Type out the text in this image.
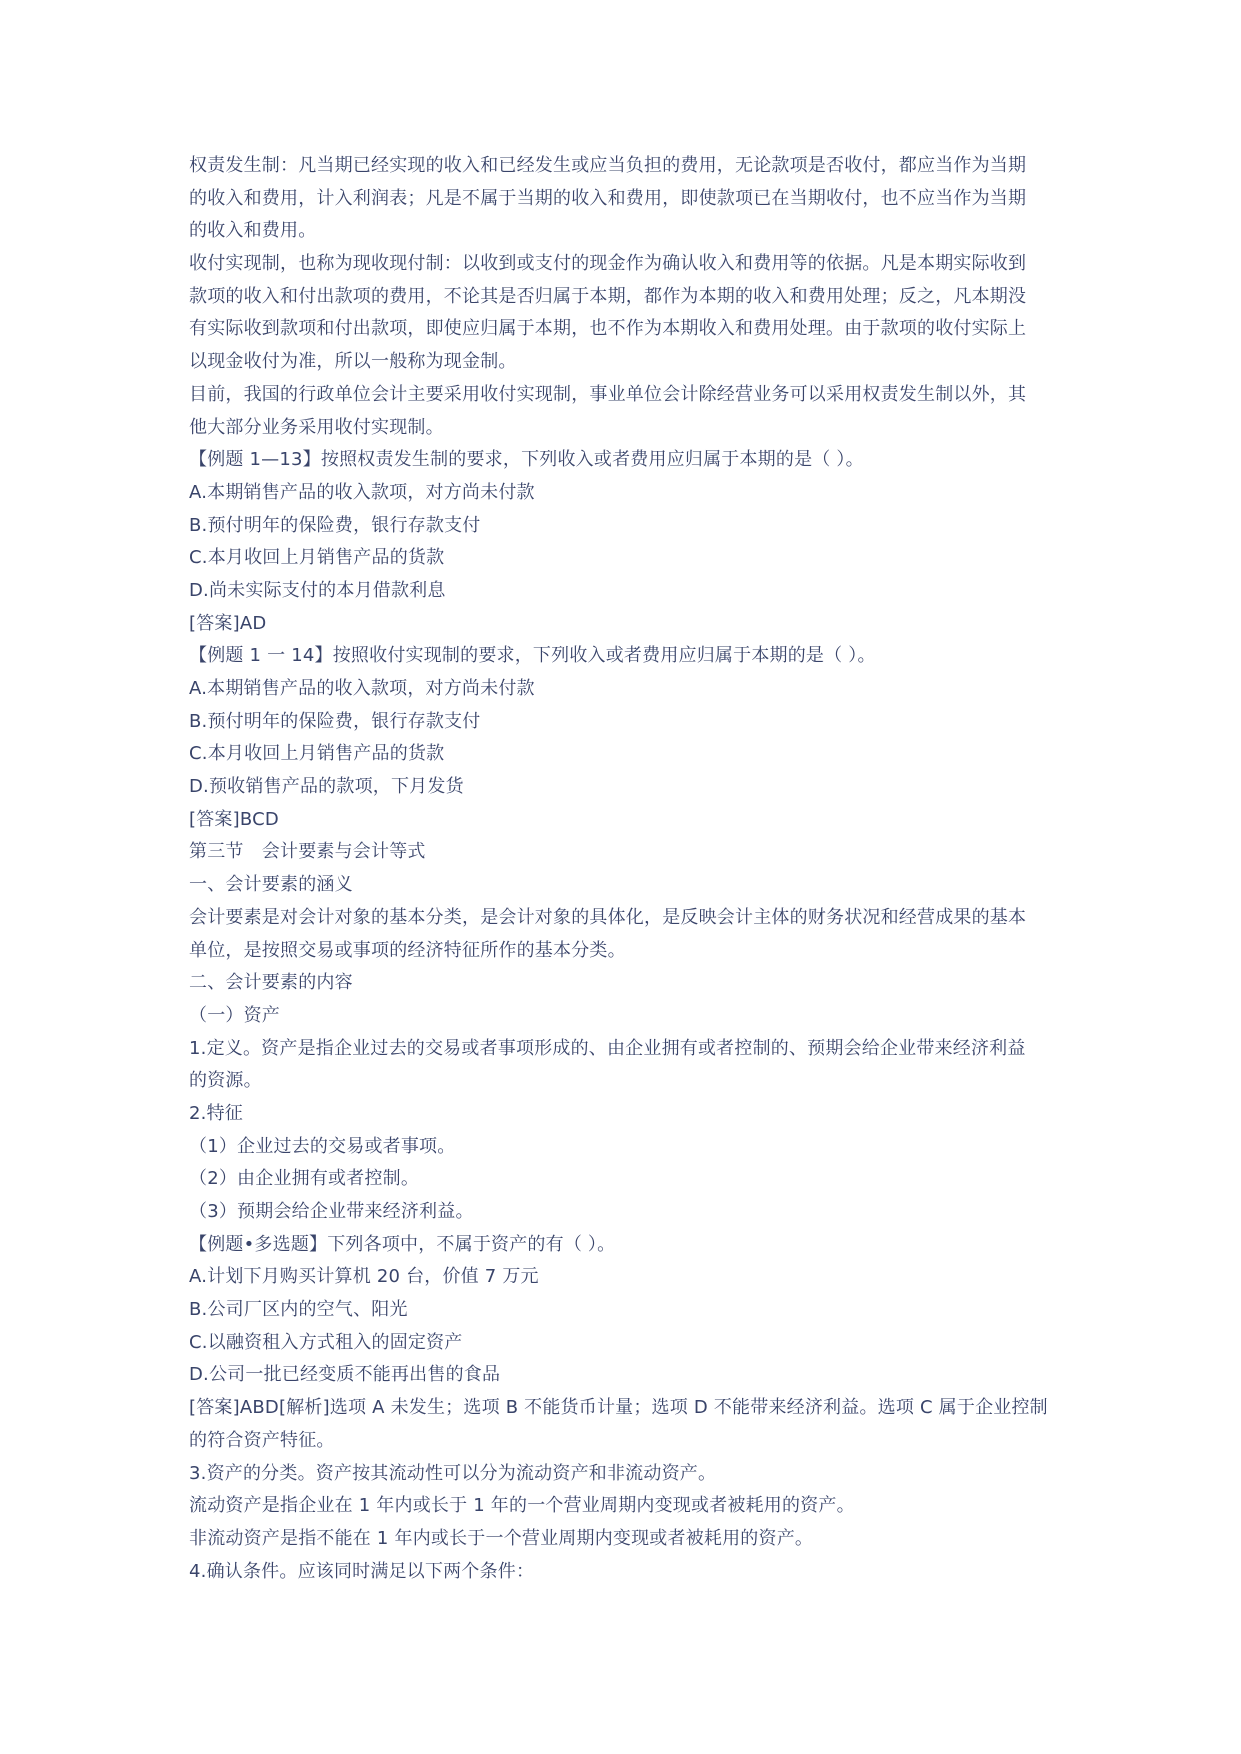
权责发生制：凡当期已经实现的收入和已经发生或应当负担的费用，无论款项是否收付，都应当作为当期
的收入和费用，计入利润表；凡是不属于当期的收入和费用，即使款项已在当期收付，也不应当作为当期
的收入和费用。
收付实现制，也称为现收现付制：以收到或支付的现金作为确认收入和费用等的依据。凡是本期实际收到
款项的收入和付出款项的费用，不论其是否归属于本期，都作为本期的收入和费用处理；反之，凡本期没
有实际收到款项和付出款项，即使应归属于本期，也不作为本期收入和费用处理。由于款项的收付实际上
以现金收付为准，所以一般称为现金制。
目前，我国的行政单位会计主要采用收付实现制，事业单位会计除经营业务可以采用权责发生制以外，其
他大部分业务采用收付实现制。
【例题 1—13】按照权责发生制的要求，下列收入或者费用应归属于本期的是（ ）。
A.本期销售产品的收入款项，对方尚未付款
B.预付明年的保险费，银行存款支付
C.本月收回上月销售产品的货款
D.尚未实际支付的本月借款利息
[答案]AD
【例题 1 一 14】按照收付实现制的要求，下列收入或者费用应归属于本期的是（ ）。
A.本期销售产品的收入款项，对方尚未付款
B.预付明年的保险费，银行存款支付
C.本月收回上月销售产品的货款
D.预收销售产品的款项，下月发货
[答案]BCD
第三节　会计要素与会计等式
一、会计要素的涵义
会计要素是对会计对象的基本分类，是会计对象的具体化，是反映会计主体的财务状况和经营成果的基本
单位，是按照交易或事项的经济特征所作的基本分类。
二、会计要素的内容
（一）资产
1.定义。资产是指企业过去的交易或者事项形成的、由企业拥有或者控制的、预期会给企业带来经济利益
的资源。
2.特征
（1）企业过去的交易或者事项。
（2）由企业拥有或者控制。
（3）预期会给企业带来经济利益。
【例题•多选题】下列各项中，不属于资产的有（ ）。
A.计划下月购买计算机 20 台，价值 7 万元
B.公司厂区内的空气、阳光
C.以融资租入方式租入的固定资产
D.公司一批已经变质不能再出售的食品
[答案]ABD[解析]选项 A 未发生；选项 B 不能货币计量；选项 D 不能带来经济利益。选项 C 属于企业控制
的符合资产特征。
3.资产的分类。资产按其流动性可以分为流动资产和非流动资产。
流动资产是指企业在 1 年内或长于 1 年的一个营业周期内变现或者被耗用的资产。
非流动资产是指不能在 1 年内或长于一个营业周期内变现或者被耗用的资产。
4.确认条件。应该同时满足以下两个条件：
